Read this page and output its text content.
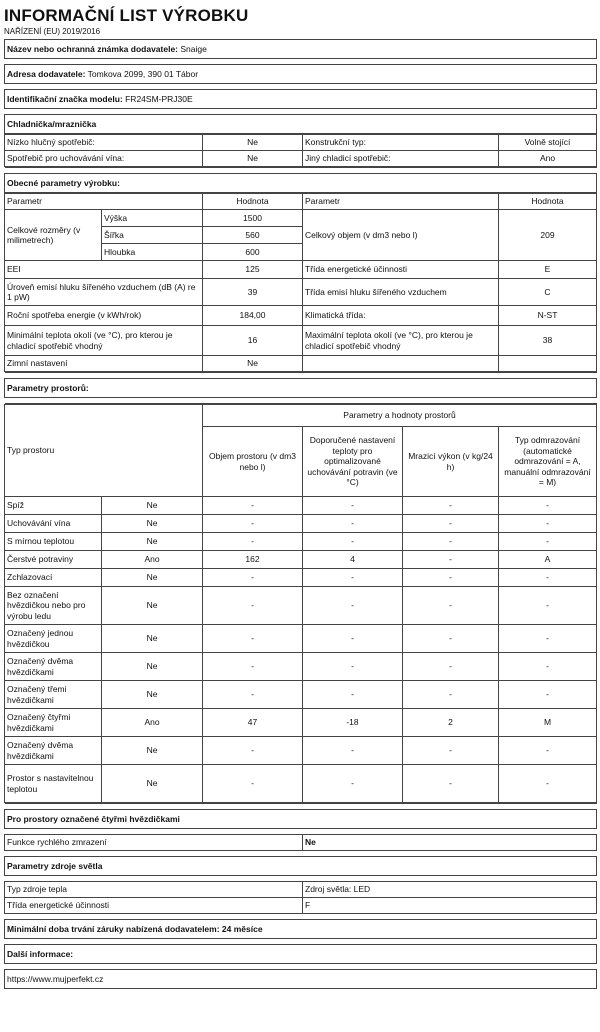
INFORMAČNÍ LIST VÝROBKU
NAŘÍZENÍ (EU) 2019/2016
Název nebo ochranná známka dodavatele: Snaige

Adresa dodavatele: Tomkova 2099, 390 01 Tábor

Identifikační značka modelu: FR24SM-PRJ30E

Chladnička/mraznička
Nízko hlučný spotřebič:	Ne	Konstrukční typ:	Volně stojící
Spotřebič pro uchovávání vína:	Ne	Jiný chladicí spotřebič:	Ano

Obecné parametry výrobku:
Parametr		Hodnota	Parametr	Hodnota
Celkové rozměry (v milimetrech)	Výška	1500	Celkový objem (v dm3 nebo l)	209
	Šířka	560		
	Hloubka	600		
EEI		125	Třída energetické účinnosti	E
Úroveň emisí hluku šířeného vzduchem (dB (A) re 1 pW)		39	Třída emisí hluku šířeného vzduchem	C
Roční spotřeba energie (v kWh/rok)		184,00	Klimatická třída:	N-ST
Minimální teplota okolí (ve °C), pro kterou je chladicí spotřebič vhodný		16	Maximální teplota okolí (ve °C), pro kterou je chladicí spotřebič vhodný	38
Zimní nastavení		Ne		

Parametry prostorů:

Typ prostoru		Parametry a hodnoty prostorů			
		Objem prostoru (v dm3 nebo l)	Doporučené nastavení teploty pro optimalizované uchovávání potravin (ve °C)	Mrazicí výkon (v kg/24 h)	Typ odmrazování (automatické odmrazování = A, manuální odmrazování = M)
Spíž	Ne	-	-	-	-
Uchovávání vína	Ne	-	-	-	-
S mírnou teplotou	Ne	-	-	-	-
Čerstvé potraviny	Ano	162	4	-	A
Zchlazovací	Ne	-	-	-	-
Bez označení hvězdičkou nebo pro výrobu ledu	Ne	-	-	-	-
Označený jednou hvězdičkou	Ne	-	-	-	-
Označený dvěma hvězdičkami	Ne	-	-	-	-
Označený třemi hvězdičkami	Ne	-	-	-	-
Označený čtyřmi hvězdičkami	Ano	47	-18	2	M
Označený dvěma hvězdičkami	Ne	-	-	-	-
Prostor s nastavitelnou teplotou	Ne	-	-	-	-

Pro prostory označené čtyřmi hvězdičkami	

Funkce rychlého zmrazení	Ne

Parametry zdroje světla	

Typ zdroje tepla	Zdroj světla: LED
Třída energetické účinnosti	F

Minimální doba trvání záruky nabízená dodavatelem: 24 měsíce	

Další informace:	

https://www.mujperfekt.cz	
